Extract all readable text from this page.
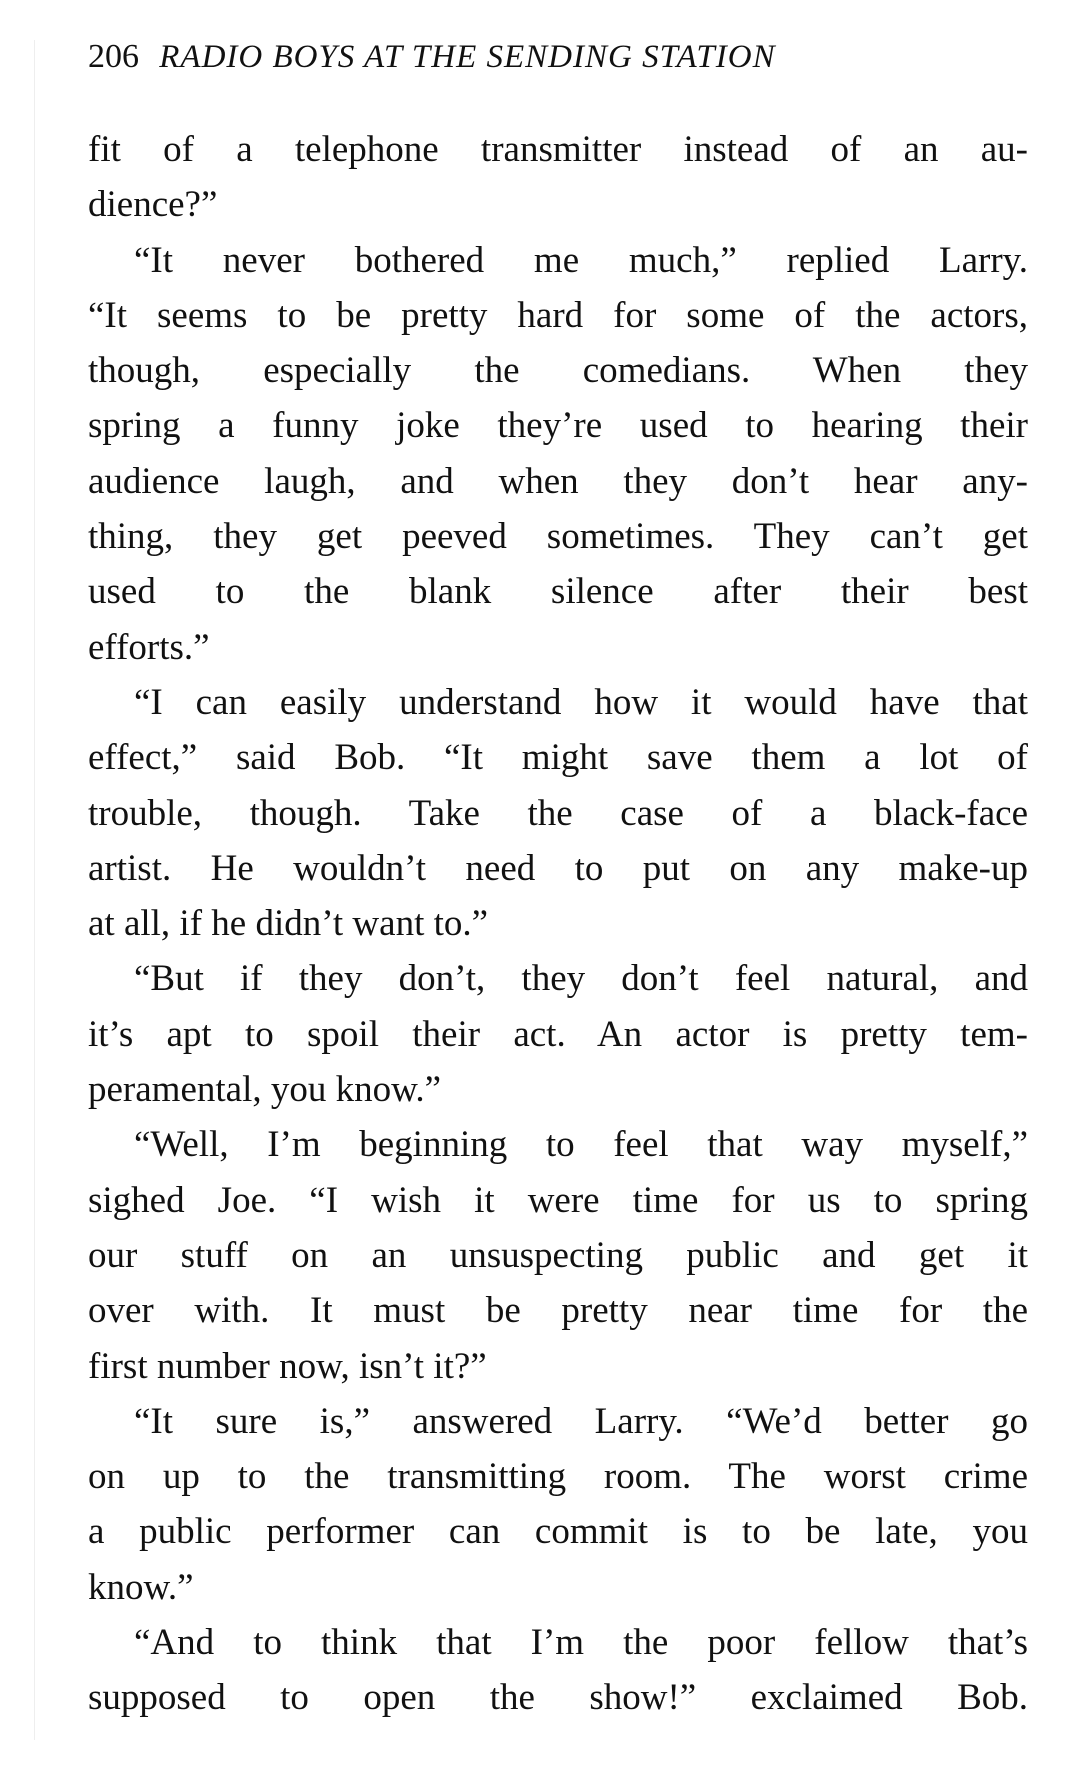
206 RADIO BOYS AT THE SENDING STATION
fit of a telephone transmitter instead of an au-
dience?”
“It never bothered me much,” replied Larry.
“It seems to be pretty hard for some of the actors,
though, especially the comedians. When they
spring a funny joke they’re used to hearing their
audience laugh, and when they don’t hear any-
thing, they get peeved sometimes. They can’t get
used to the blank silence after their best
efforts.”
“I can easily understand how it would have that
effect,” said Bob. “It might save them a lot of
trouble, though. Take the case of a black-face
artist. He wouldn’t need to put on any make-up
at all, if he didn’t want to.”
“But if they don’t, they don’t feel natural, and
it’s apt to spoil their act. An actor is pretty tem-
peramental, you know.”
“Well, I’m beginning to feel that way myself,”
sighed Joe. “I wish it were time for us to spring
our stuff on an unsuspecting public and get it
over with. It must be pretty near time for the
first number now, isn’t it?”
“It sure is,” answered Larry. “We’d better go
on up to the transmitting room. The worst crime
a public performer can commit is to be late, you
know.”
“And to think that I’m the poor fellow that’s
supposed to open the show!” exclaimed Bob.
